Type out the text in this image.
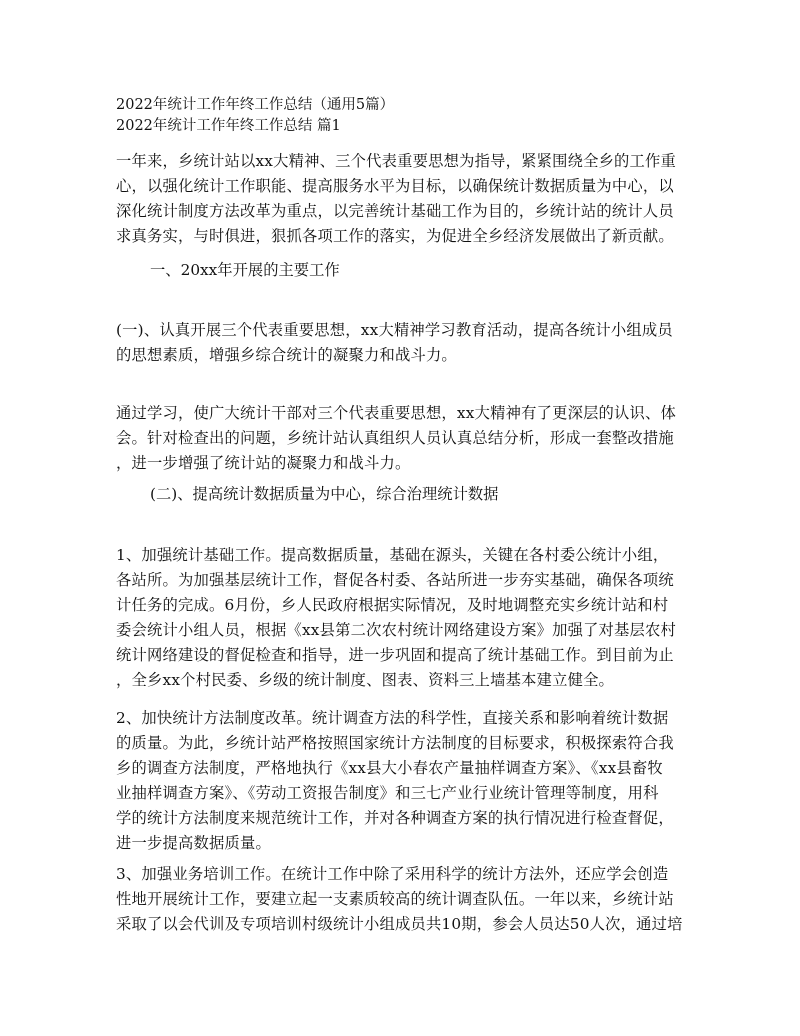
2022年统计工作年终工作总结（通用5篇）
2022年统计工作年终工作总结 篇1
一年来，乡统计站以xx大精神、三个代表重要思想为指导，紧紧围绕全乡的工作重
心，以强化统计工作职能、提高服务水平为目标，以确保统计数据质量为中心，以
深化统计制度方法改革为重点，以完善统计基础工作为目的，乡统计站的统计人员
求真务实，与时俱进，狠抓各项工作的落实，为促进全乡经济发展做出了新贡献。
一、20xx年开展的主要工作
(一)、认真开展三个代表重要思想，xx大精神学习教育活动，提高各统计小组成员
的思想素质，增强乡综合统计的凝聚力和战斗力。
通过学习，使广大统计干部对三个代表重要思想，xx大精神有了更深层的认识、体
会。针对检查出的问题，乡统计站认真组织人员认真总结分析，形成一套整改措施
，进一步增强了统计站的凝聚力和战斗力。
(二)、提高统计数据质量为中心，综合治理统计数据
1、加强统计基础工作。提高数据质量，基础在源头，关键在各村委公统计小组，
各站所。为加强基层统计工作，督促各村委、各站所进一步夯实基础，确保各项统
计任务的完成。6月份，乡人民政府根据实际情况，及时地调整充实乡统计站和村
委会统计小组人员，根据《xx县第二次农村统计网络建设方案》加强了对基层农村
统计网络建设的督促检查和指导，进一步巩固和提高了统计基础工作。到目前为止
，全乡xx个村民委、乡级的统计制度、图表、资料三上墙基本建立健全。
2、加快统计方法制度改革。统计调查方法的科学性，直接关系和影响着统计数据
的质量。为此，乡统计站严格按照国家统计方法制度的目标要求，积极探索符合我
乡的调查方法制度，严格地执行《xx县大小春农产量抽样调查方案》、《xx县畜牧
业抽样调查方案》、《劳动工资报告制度》和三七产业行业统计管理等制度，用科
学的统计方法制度来规范统计工作，并对各种调查方案的执行情况进行检查督促，
进一步提高数据质量。
3、加强业务培训工作。在统计工作中除了采用科学的统计方法外，还应学会创造
性地开展统计工作，要建立起一支素质较高的统计调查队伍。一年以来，乡统计站
采取了以会代训及专项培训村级统计小组成员共10期，参会人员达50人次，通过培
